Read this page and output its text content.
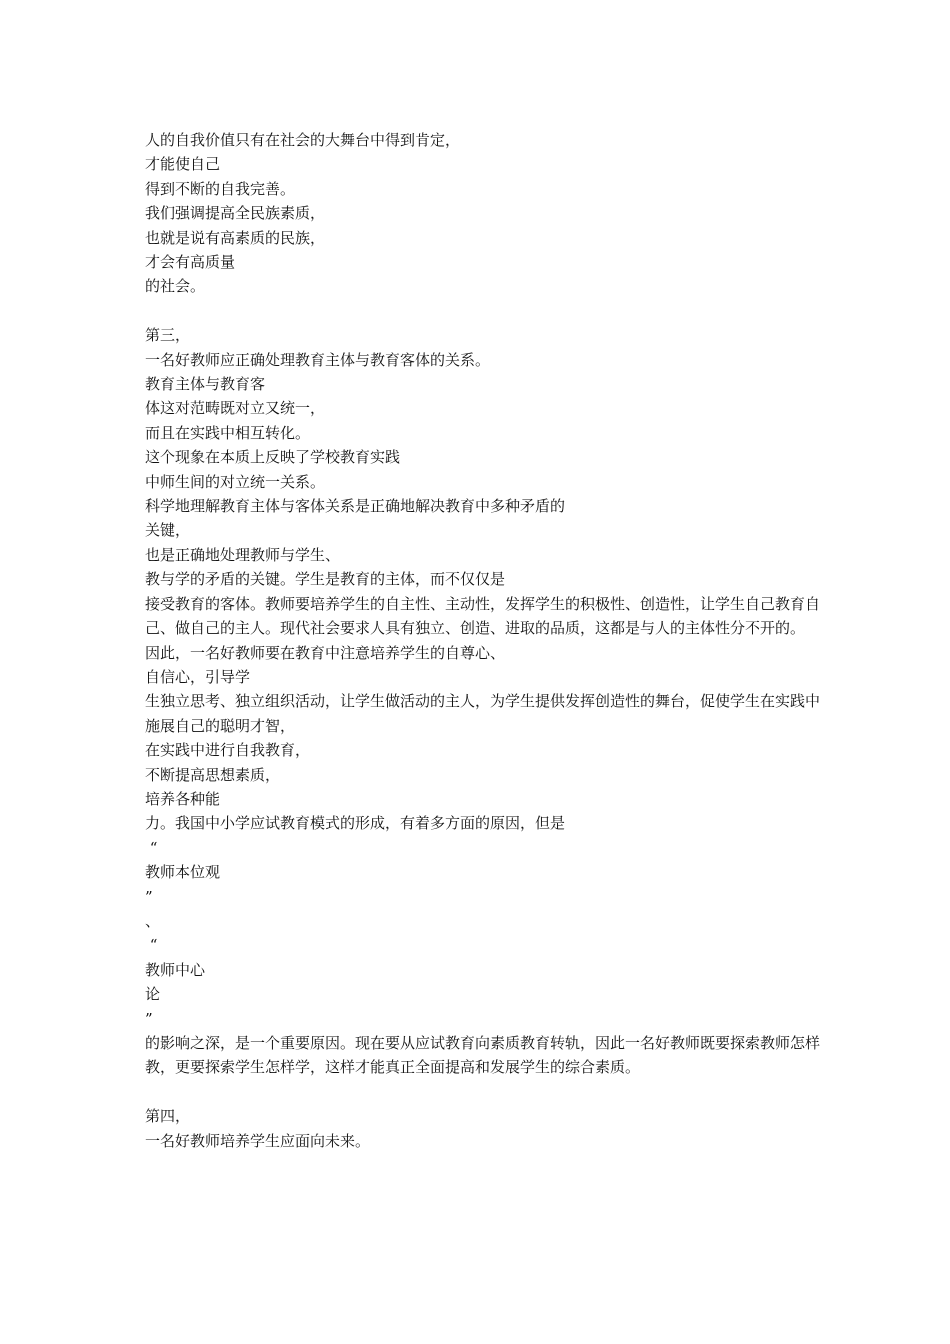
人的自我价值只有在社会的大舞台中得到肯定，
才能使自己
得到不断的自我完善。
我们强调提高全民族素质，
也就是说有高素质的民族，
才会有高质量
的社会。
第三，
一名好教师应正确处理教育主体与教育客体的关系。
教育主体与教育客
体这对范畴既对立又统一，
而且在实践中相互转化。
这个现象在本质上反映了学校教育实践
中师生间的对立统一关系。
科学地理解教育主体与客体关系是正确地解决教育中多种矛盾的
关键，
也是正确地处理教师与学生、
教与学的矛盾的关键。学生是教育的主体，而不仅仅是
接受教育的客体。教师要培养学生的自主性、主动性，发挥学生的积极性、创造性，让学生自己教育自己、做自己的主人。现代社会要求人具有独立、创造、进取的品质，这都是与人的主体性分不开的。
因此，一名好教师要在教育中注意培养学生的自尊心、
自信心，引导学
生独立思考、独立组织活动，让学生做活动的主人，为学生提供发挥创造性的舞台，促使学生在实践中施展自己的聪明才智，
在实践中进行自我教育，
不断提高思想素质，
培养各种能
力。我国中小学应试教育模式的形成，有着多方面的原因，但是
“
教师本位观
”
、
“
教师中心
论
”
的影响之深，是一个重要原因。现在要从应试教育向素质教育转轨，因此一名好教师既要探索教师怎样教，更要探索学生怎样学，这样才能真正全面提高和发展学生的综合素质。
第四，
一名好教师培养学生应面向未来。
